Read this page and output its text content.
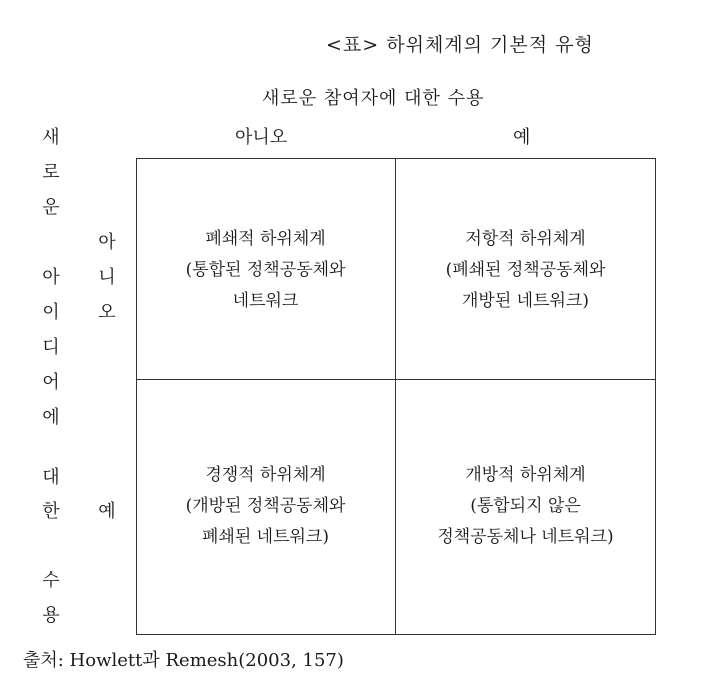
<표> 하위체계의 기본적 유형
새로운 참여자에 대한 수용
아니오	예
새
로
운
아
이
디
어
에
대
한
수
용
아
니
오
예
폐쇄적 하위체계
(통합된 정책공동체와
네트워크
저항적 하위체계
(폐쇄된 정책공동체와
개방된 네트워크)
경쟁적 하위체계
(개방된 정책공동체와
폐쇄된 네트워크)
개방적 하위체계
(통합되지 않은
정책공동체나 네트워크)
출처: Howlett과 Remesh(2003, 157)
